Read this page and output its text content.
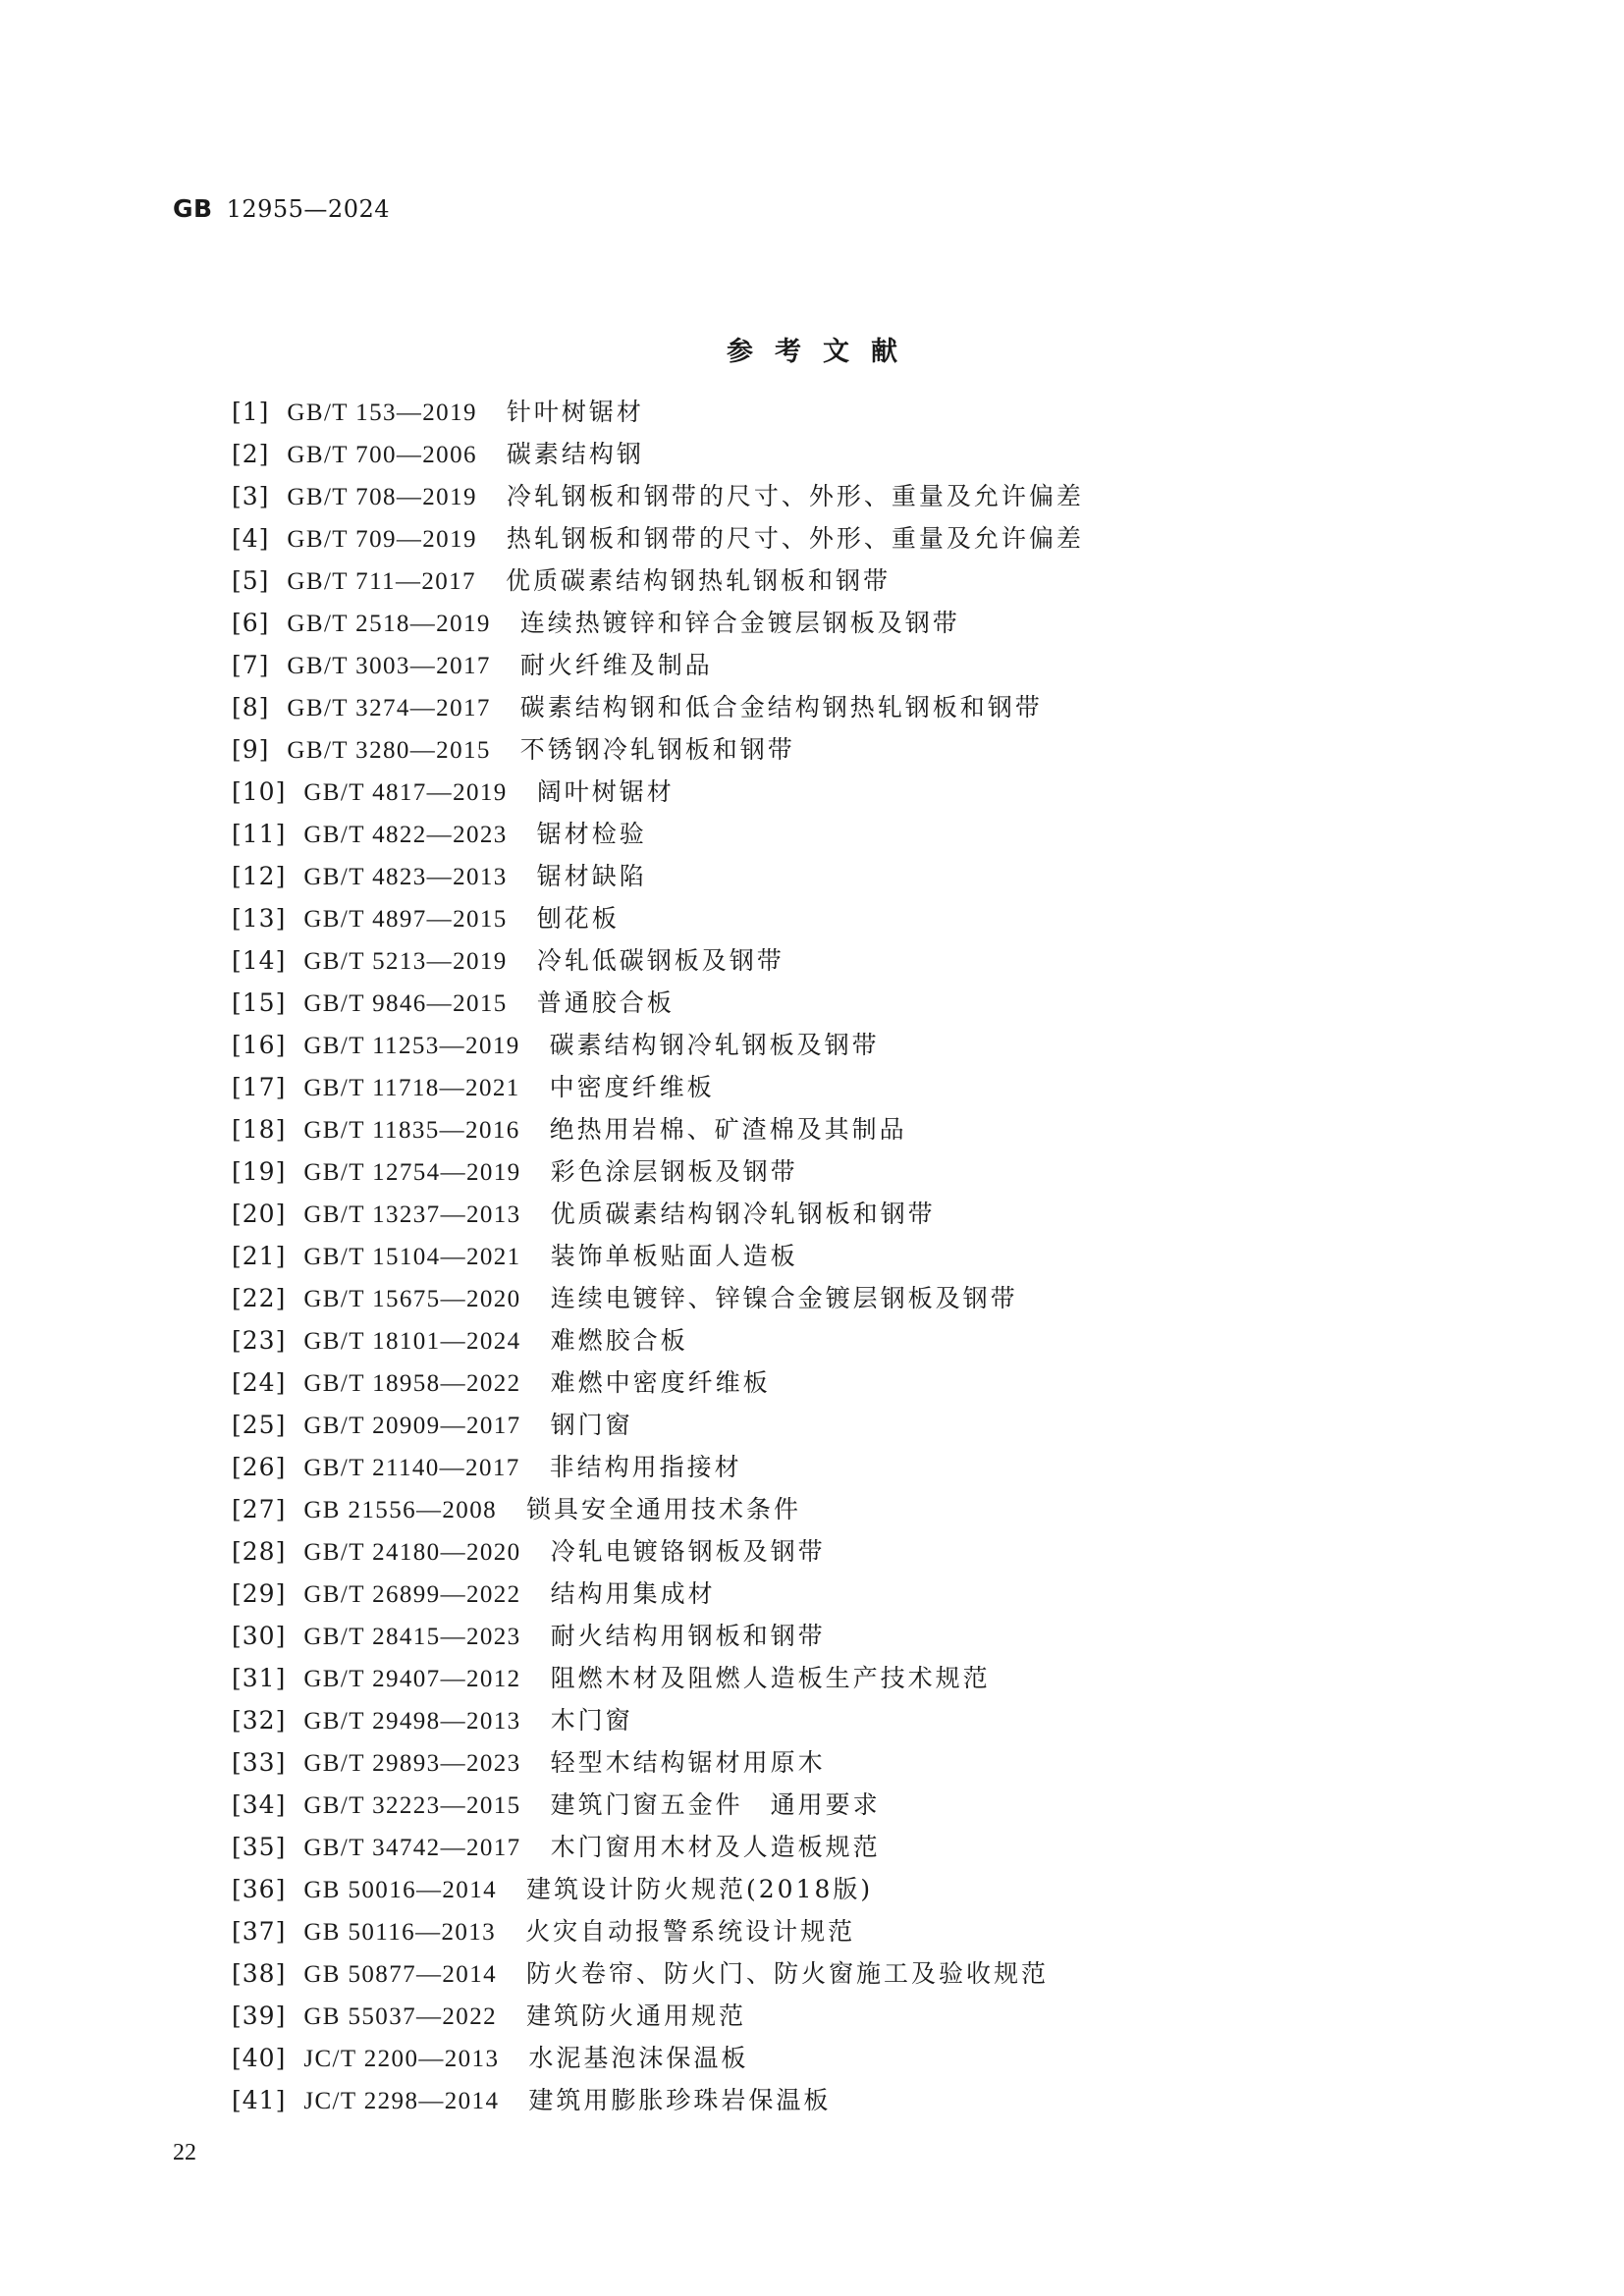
GB 12955—2024
参考文献
[1] GB/T 153—2019 针叶树锯材
[2] GB/T 700—2006 碳素结构钢
[3] GB/T 708—2019 冷轧钢板和钢带的尺寸、外形、重量及允许偏差
[4] GB/T 709—2019 热轧钢板和钢带的尺寸、外形、重量及允许偏差
[5] GB/T 711—2017 优质碳素结构钢热轧钢板和钢带
[6] GB/T 2518—2019 连续热镀锌和锌合金镀层钢板及钢带
[7] GB/T 3003—2017 耐火纤维及制品
[8] GB/T 3274—2017 碳素结构钢和低合金结构钢热轧钢板和钢带
[9] GB/T 3280—2015 不锈钢冷轧钢板和钢带
[10] GB/T 4817—2019 阔叶树锯材
[11] GB/T 4822—2023 锯材检验
[12] GB/T 4823—2013 锯材缺陷
[13] GB/T 4897—2015 刨花板
[14] GB/T 5213—2019 冷轧低碳钢板及钢带
[15] GB/T 9846—2015 普通胶合板
[16] GB/T 11253—2019 碳素结构钢冷轧钢板及钢带
[17] GB/T 11718—2021 中密度纤维板
[18] GB/T 11835—2016 绝热用岩棉、矿渣棉及其制品
[19] GB/T 12754—2019 彩色涂层钢板及钢带
[20] GB/T 13237—2013 优质碳素结构钢冷轧钢板和钢带
[21] GB/T 15104—2021 装饰单板贴面人造板
[22] GB/T 15675—2020 连续电镀锌、锌镍合金镀层钢板及钢带
[23] GB/T 18101—2024 难燃胶合板
[24] GB/T 18958—2022 难燃中密度纤维板
[25] GB/T 20909—2017 钢门窗
[26] GB/T 21140—2017 非结构用指接材
[27] GB 21556—2008 锁具安全通用技术条件
[28] GB/T 24180—2020 冷轧电镀铬钢板及钢带
[29] GB/T 26899—2022 结构用集成材
[30] GB/T 28415—2023 耐火结构用钢板和钢带
[31] GB/T 29407—2012 阻燃木材及阻燃人造板生产技术规范
[32] GB/T 29498—2013 木门窗
[33] GB/T 29893—2023 轻型木结构锯材用原木
[34] GB/T 32223—2015 建筑门窗五金件　通用要求
[35] GB/T 34742—2017 木门窗用木材及人造板规范
[36] GB 50016—2014 建筑设计防火规范(2018版)
[37] GB 50116—2013 火灾自动报警系统设计规范
[38] GB 50877—2014 防火卷帘、防火门、防火窗施工及验收规范
[39] GB 55037—2022 建筑防火通用规范
[40] JC/T 2200—2013 水泥基泡沫保温板
[41] JC/T 2298—2014 建筑用膨胀珍珠岩保温板
22
